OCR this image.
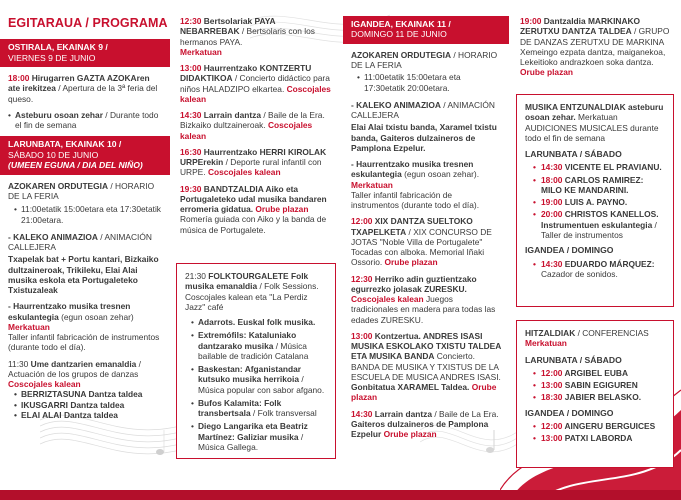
EGITARAUA / PROGRAMA
OSTIRALA, EKAINAK 9 /
VIERNES 9 DE JUNIO
18:00 Hirugarren GAZTA AZOKAren ate irekitzea / Apertura de la 3ª feria del queso.
• Asteburu osoan zehar / Durante todo el fin de semana
LARUNBATA, EKAINAK 10 /
SÁBADO 10 DE JUNIO
(UMEEN EGUNA / DIA DEL NIÑO)
AZOKAREN ORDUTEGIA / HORARIO DE LA FERIA
• 11:00etatik 15:00etara eta 17:30etatik 21:00etara.
- KALEKO ANIMAZIOA / ANIMACIÓN CALLEJERA
Txapelak bat + Portu kantari, Bizkaiko dultzaineroak, Trikileku, Elai Alai musika eskola eta Portugaleteko Txistuzaleak
- Haurrentzako musika tresnen eskulantegia (egun osoan zehar)
Merkatuan
Taller infantil fabricación de instrumentos (durante todo el día).
11:30 Ume dantzarien emanaldia / Actuación de los grupos de danzas
Coscojales kalean
• BERRIZTASUNA Dantza taldea
• IKUSGARRI Dantza taldea
• ELAI ALAI Dantza taldea
12:30 Bertsolariak PAYA NEBARREBAK / Bertsolaris con los hermanos PAYA.
Merkatuan
13:00 Haurrentzako KONTZERTU DIDAKTIKOA / Concierto didáctico para niños HALADZIPO elkartea. Coscojales kalean
14:30 Larrain dantza / Baile de la Era. Bizkaiko dultzaineroak. Coscojales kalean
16:30 Haurrentzako HERRI KIROLAK URPErekin / Deporte rural infantil con URPE. Coscojales kalean
19:30 BANDTZALDIA Aiko eta Portugaleteko udal musika bandaren erromeria gidatua. Orube plazan Romería guiada con Aiko y la banda de música de Portugalete.
21:30 FOLKTOURGALETE Folk musika emanaldia / Folk Sessions. Coscojales kalean eta "La Perdiz Jazz" café
• Adarrots. Euskal folk musika.
• Extremófils: Kataluniako dantzarako musika / Música bailable de tradición Catalana
• Baskestan: Afganistandar kutsuko musika herrikoia / Música popular con sabor afgano.
• Bufos Kalamita: Folk transbertsala / Folk transversal
• Diego Langarika eta Beatriz Martínez: Galiziar musika / Música Gallega.
IGANDEA, EKAINAK 11 /
DOMINGO 11 DE JUNIO
AZOKAREN ORDUTEGIA / HORARIO DE LA FERIA
• 11:00etatik 15:00etara eta 17:30etatik 20:00etara.
- KALEKO ANIMAZIOA / ANIMACIÓN CALLEJERA
Elai Alai txistu banda, Xaramel txistu banda, Gaiteros dulzaineros de Pamplona Ezpelur.
- Haurrentzako musika tresnen eskulantegia (egun osoan zehar).
Merkatuan
Taller infantil fabricación de instrumentos (durante todo el día).
12:00 XIX DANTZA SUELTOKO TXAPELKETA / XIX CONCURSO DE JOTAS "Noble Villa de Portugalete" Tocadas con alboka. Memorial Iñaki Ossorio. Orube plazan
12:30 Herriko adin guztientzako egurrezko jolasak ZURESKU. Coscojales kalean Juegos tradicionales en madera para todas las edades ZURESKU.
13:00 Kontzertua. ANDRES ISASI MUSIKA ESKOLAKO TXISTU TALDEA ETA MUSIKA BANDA Concierto. BANDA DE MUSIKA Y TXISTUS DE LA ESCUELA DE MUSICA ANDRES ISASI. Gonbitatua XARAMEL Taldea. Orube plazan
14:30 Larrain dantza / Baile de La Era. Gaiteros dulzaineros de Pamplona Ezpelur Orube plazan
19:00 Dantzaldia MARKINAKO ZERUTXU DANTZA TALDEA / GRUPO DE DANZAS ZERUTXU DE MARKINA Xemeingo ezpata dantza, maiganekoa, Lekeitioko andrazkoen soka dantza. Orube plazan
MUSIKA ENTZUNALDIAK asteburu osoan zehar. Merkatuan AUDICIONES MUSICALES durante todo el fin de semana
LARUNBATA / SÁBADO
• 14:30 VICENTE EL PRAVIANU.
• 18:00 CARLOS RAMIREZ: MILO KE MANDARINI.
• 19:00 LUIS A. PAYNO.
• 20:00 CHRISTOS KANELLOS. Instrumentuen eskulantegia / Taller de instrumentos
IGANDEA / DOMINGO
• 14:30 EDUARDO MÁRQUEZ: Cazador de sonidos.
HITZALDIAK / CONFERENCIAS
Merkatuan
LARUNBATA / SÁBADO
• 12:00 ARGIBEL EUBA
• 13:00 SABIN EGIGUREN
• 18:30 JABIER BELASKO.
IGANDEA / DOMINGO
• 12:00 AINGERU BERGUICES
• 13:00 PATXI LABORDA
